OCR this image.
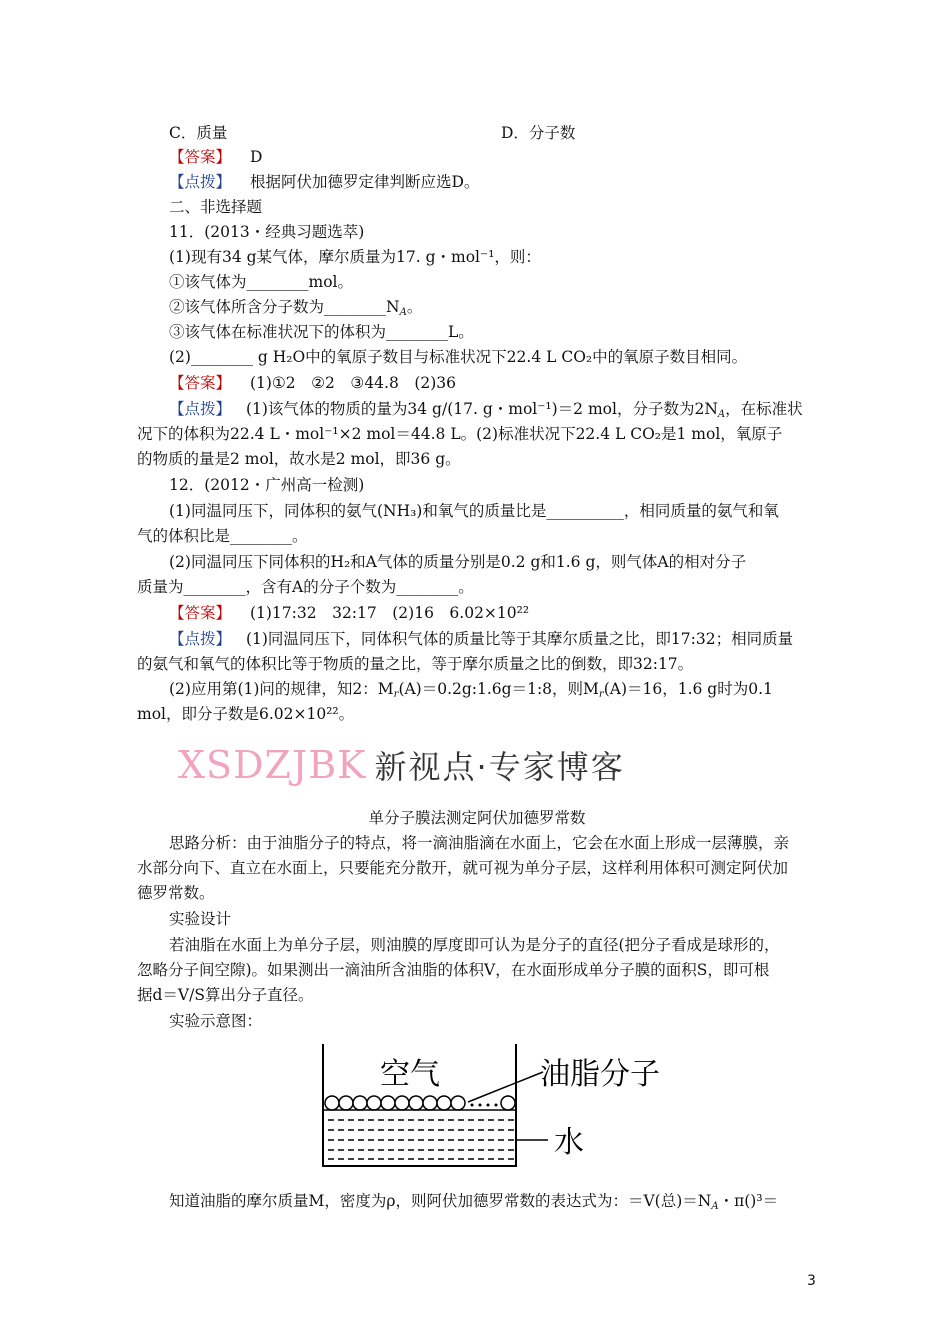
C．质量	D．分子数
【答案】 D
【点拨】 根据阿伏加德罗定律判断应选D。
二、非选择题
11．(2013・经典习题选萃)
(1)现有34 g某气体，摩尔质量为17. g・mol⁻¹，则：
①该气体为________mol。
②该气体所含分子数为$\_\_\_\_\_\_\_\_N_A$。
③该气体在标准状况下的体积为________L。
(2)________ g H₂O中的氧原子数目与标准状况下22.4 L CO₂中的氧原子数目相同。
【答案】 (1)①2　②2　③44.8　(2)36
【点拨】 (1)该气体的物质的量为34 g/(17. g・mol⁻¹)＝2 mol，分子数为$2N_A$，在标准状
况下的体积为22.4 L・mol⁻¹×2 mol＝44.8 L。(2)标准状况下22.4 L CO₂是1 mol，氧原子
的物质的量是2 mol，故水是2 mol，即36 g。
12．(2012・广州高一检测)
(1)同温同压下，同体积的氨气(NH₃)和氧气的质量比是__________，相同质量的氨气和氧
气的体积比是________。
(2)同温同压下同体积的H₂和A气体的质量分别是0.2 g和1.6 g，则气体A的相对分子
质量为________，含有A的分子个数为________。
【答案】 (1)17:32　32:17　(2)16　6.02×10²²
【点拨】 (1)同温同压下，同体积气体的质量比等于其摩尔质量之比，即17:32；相同质量
的氨气和氧气的体积比等于物质的量之比，等于摩尔质量之比的倒数，即32:17。
(2)应用第(1)问的规律，知2：$M_r(A)=0.2g:1.6g=1:8$，则$M_r(A)=16$，1.6 g时为0.1
mol，即分子数是6.02×10²²。
XSDZJBK 新视点·专家博客
单分子膜法测定阿伏加德罗常数
思路分析：由于油脂分子的特点，将一滴油脂滴在水面上，它会在水面上形成一层薄膜，亲
水部分向下、直立在水面上，只要能充分散开，就可视为单分子层，这样利用体积可测定阿伏加
德罗常数。
实验设计
若油脂在水面上为单分子层，则油膜的厚度即可认为是分子的直径(把分子看成是球形的，
忽略分子间空隙)。如果测出一滴油所含油脂的体积V，在水面形成单分子膜的面积S，即可根
据d＝V/S算出分子直径。
实验示意图：
空气	油脂分子
水
知道油脂的摩尔质量M，密度为ρ，则阿伏加德罗常数的表达式为：＝V(总)$=N_A$・π()³＝
3
